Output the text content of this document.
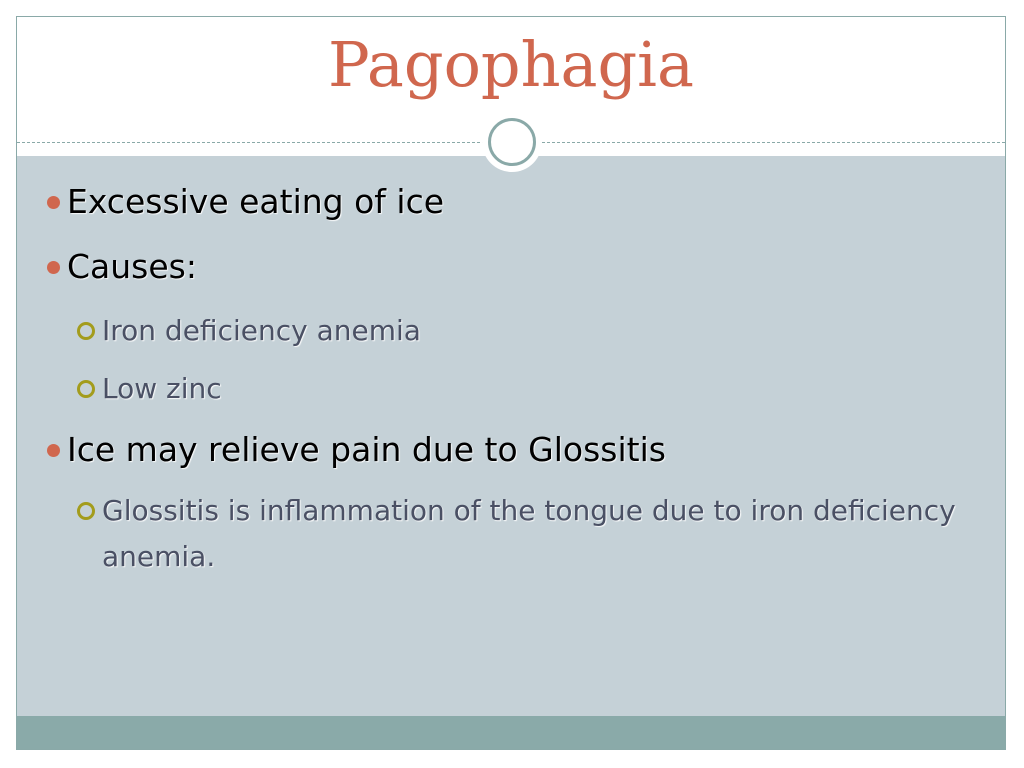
Pagophagia
Excessive eating of ice
Causes:
Iron deficiency anemia
Low zinc
Ice may relieve pain due to Glossitis
Glossitis is inflammation of the tongue due to iron deficiency anemia.
